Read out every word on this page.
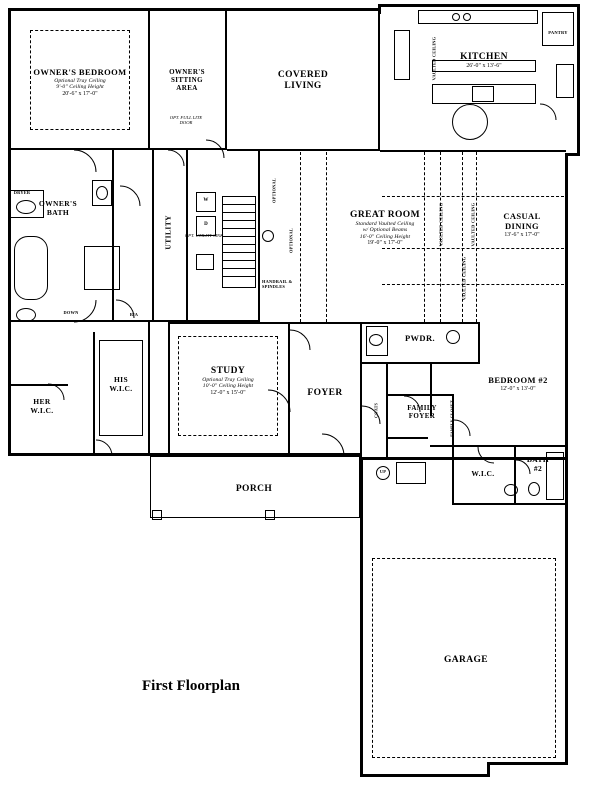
OWNER'S BEDROOM
Optional Tray Ceiling
9'-0" Ceiling Height
20'-6" x 17'-0"
OWNER'S
SITTING
AREA
COVERED
LIVING
KITCHEN
26'-0" x 13'-6"
PANTRY
GREAT ROOM
Standard Vaulted Ceiling
w/ Optional Beams
16'-0" Ceiling Height
19'-0" x 17'-0"
CASUAL
DINING
13'-6" x 17'-0"
OWNER'S
BATH
UTILITY
HER
W.I.C.
HIS
W.I.C.
STUDY
Optional Tray Ceiling
10'-0" Ceiling Height
12'-0" x 15'-0"	FOYER
PWDR.
BEDROOM #2
12'-0" x 13'-0"
FAMILY
FOYER
W.I.C.
BATH
#2
PORCH
GARAGE
DRYER
W
D
OPT. UTILITY SINK
OPT. FULL LITE DOOR
OPTIONAL
OPTIONAL
HANDRAIL & SPINDLES
R/A
DOWN
VAULTED CEILING
VAULTED CEILING	VAULTED CEILING
VAULTED CEILING
COATS	FAMILY CLOSET
UP
First Floorplan
